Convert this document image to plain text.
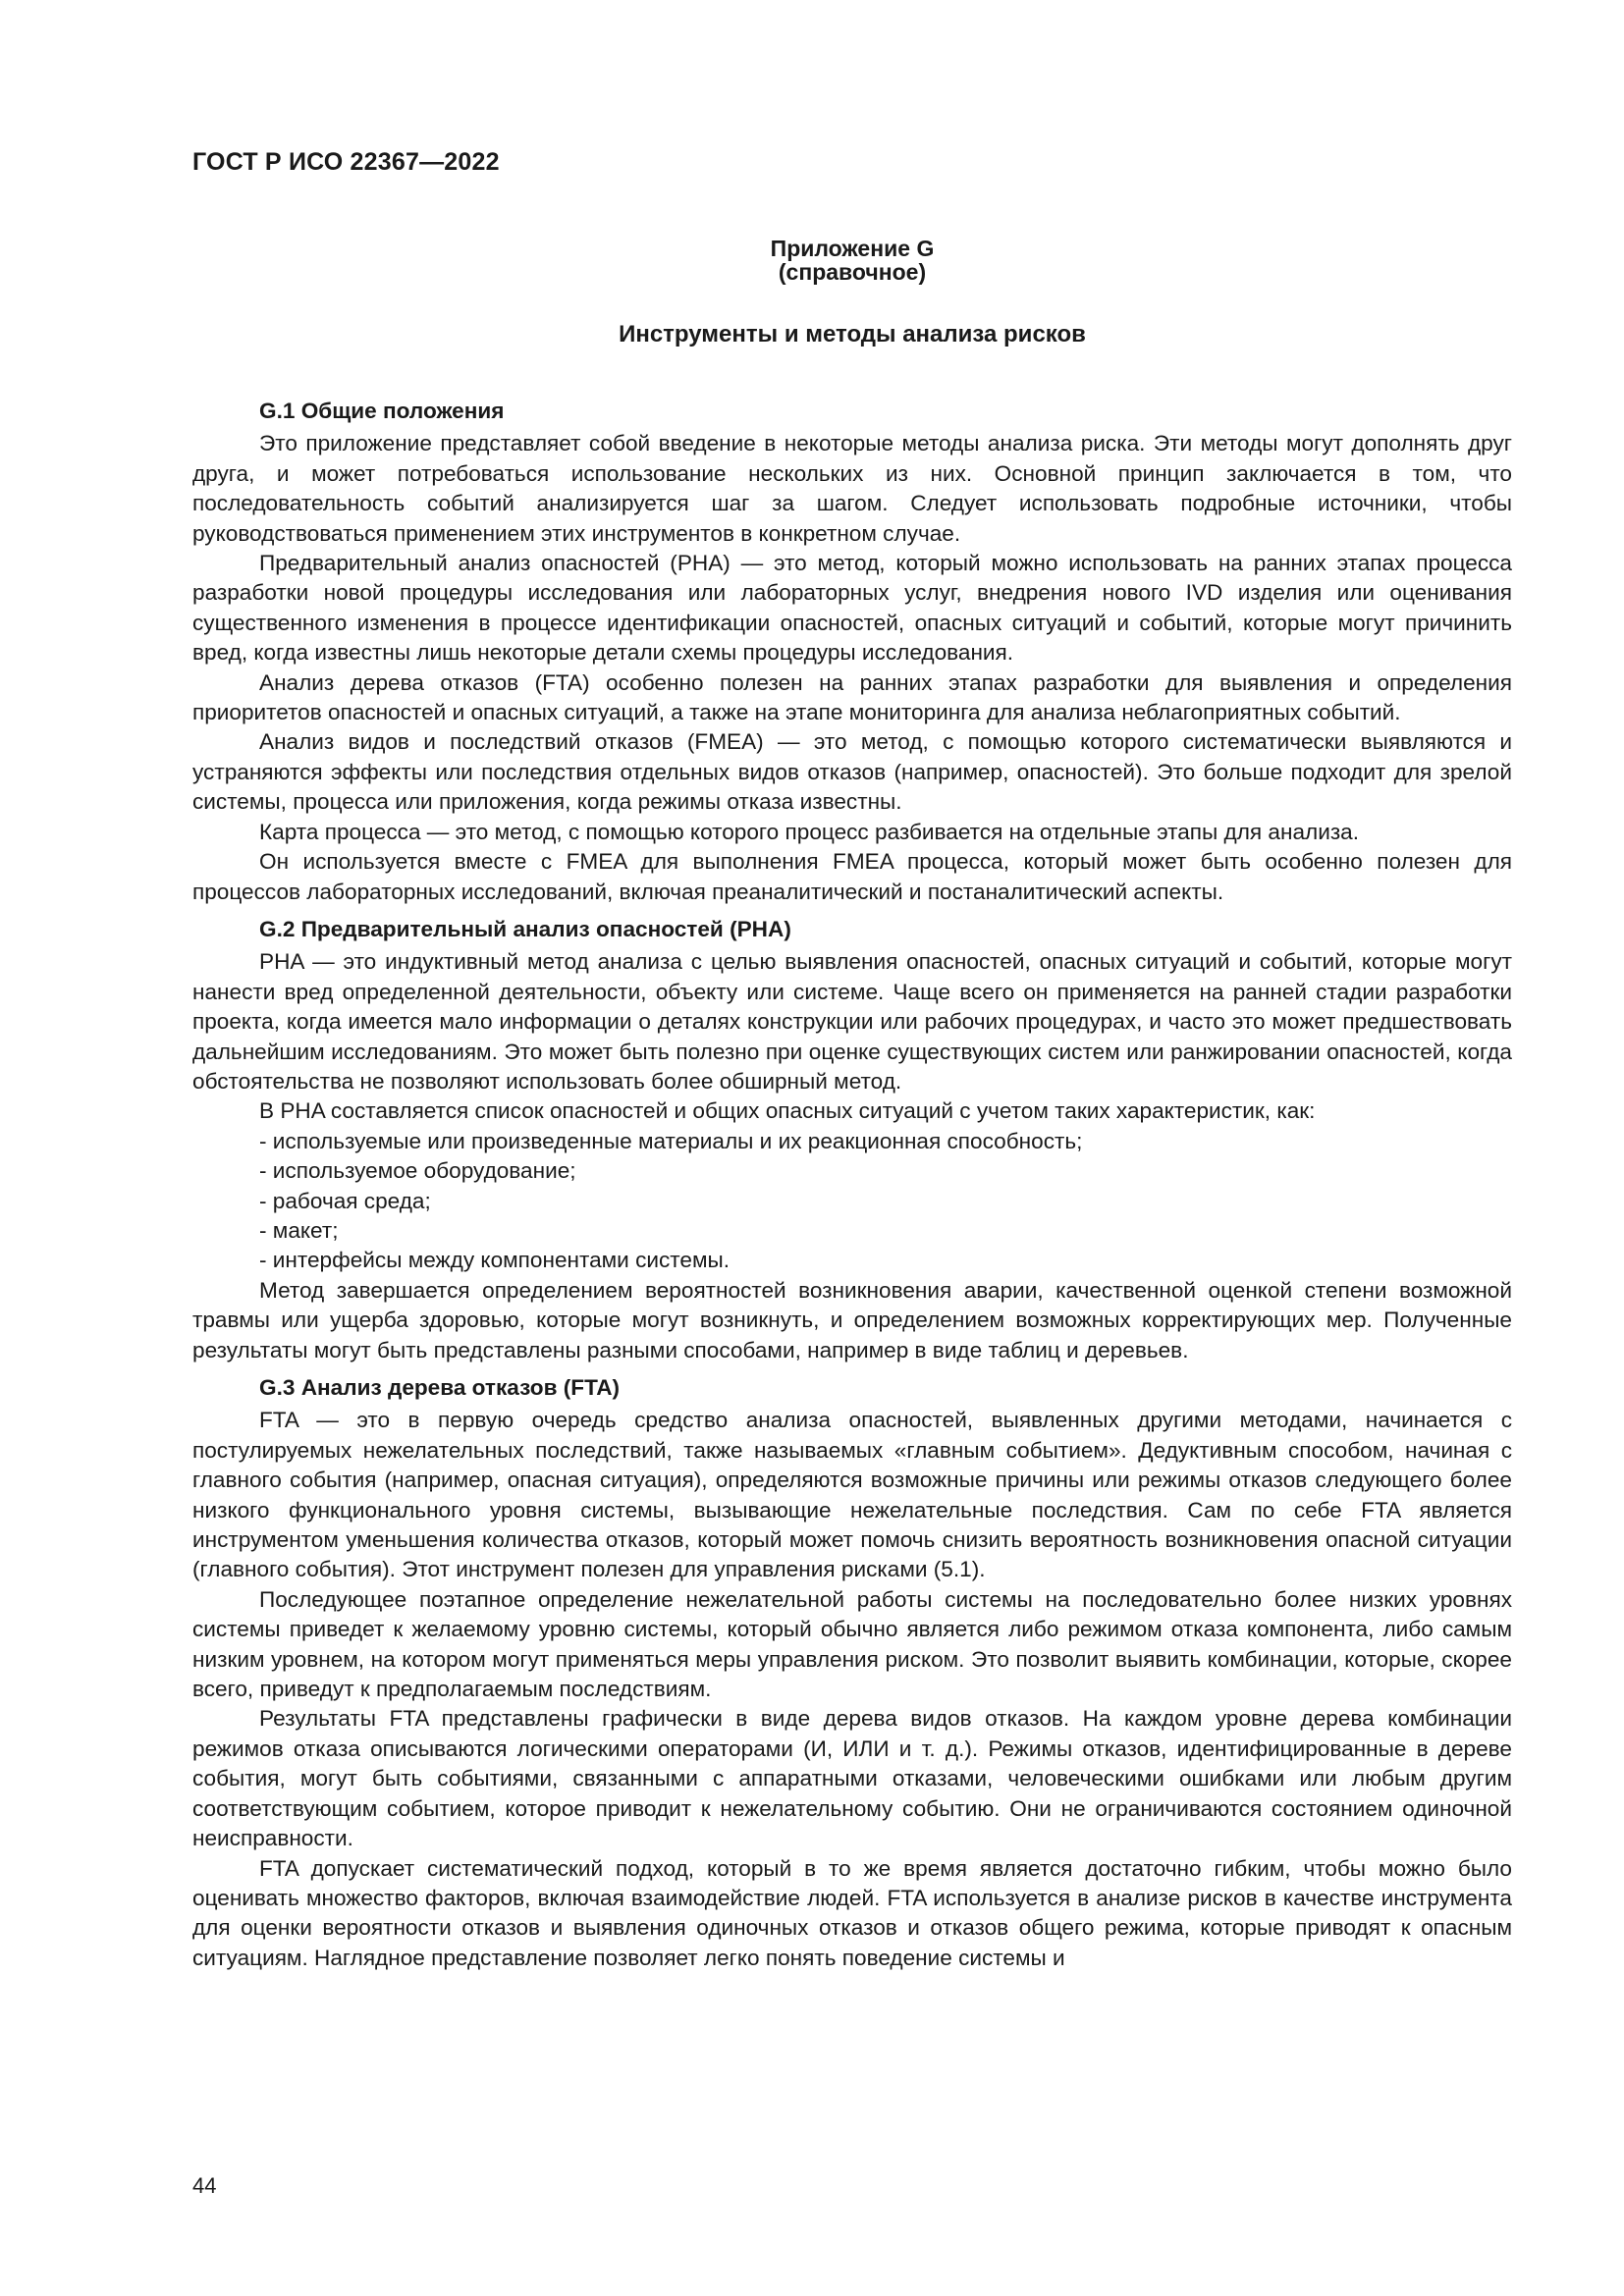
ГОСТ Р ИСО 22367—2022
Приложение G
(справочное)
Инструменты и методы анализа рисков
G.1 Общие положения

Это приложение представляет собой введение в некоторые методы анализа риска. Эти методы могут дополнять друг друга, и может потребоваться использование нескольких из них. Основной принцип заключается в том, что последовательность событий анализируется шаг за шагом. Следует использовать подробные источники, чтобы руководствоваться применением этих инструментов в конкретном случае.

Предварительный анализ опасностей (PHA) — это метод, который можно использовать на ранних этапах процесса разработки новой процедуры исследования или лабораторных услуг, внедрения нового IVD изделия или оценивания существенного изменения в процессе идентификации опасностей, опасных ситуаций и событий, которые могут причинить вред, когда известны лишь некоторые детали схемы процедуры исследования.

Анализ дерева отказов (FTA) особенно полезен на ранних этапах разработки для выявления и определения приоритетов опасностей и опасных ситуаций, а также на этапе мониторинга для анализа неблагоприятных событий.

Анализ видов и последствий отказов (FMEA) — это метод, с помощью которого систематически выявляются и устраняются эффекты или последствия отдельных видов отказов (например, опасностей). Это больше подходит для зрелой системы, процесса или приложения, когда режимы отказа известны.

Карта процесса — это метод, с помощью которого процесс разбивается на отдельные этапы для анализа.

Он используется вместе с FMEA для выполнения FMEA процесса, который может быть особенно полезен для процессов лабораторных исследований, включая преаналитический и постаналитический аспекты.

G.2 Предварительный анализ опасностей (PHA)

PHA — это индуктивный метод анализа с целью выявления опасностей, опасных ситуаций и событий, которые могут нанести вред определенной деятельности, объекту или системе. Чаще всего он применяется на ранней стадии разработки проекта, когда имеется мало информации о деталях конструкции или рабочих процедурах, и часто это может предшествовать дальнейшим исследованиям. Это может быть полезно при оценке существующих систем или ранжировании опасностей, когда обстоятельства не позволяют использовать более обширный метод.

В PHA составляется список опасностей и общих опасных ситуаций с учетом таких характеристик, как:

- используемые или произведенные материалы и их реакционная способность;
- используемое оборудование;
- рабочая среда;
- макет;
- интерфейсы между компонентами системы.

Метод завершается определением вероятностей возникновения аварии, качественной оценкой степени возможной травмы или ущерба здоровью, которые могут возникнуть, и определением возможных корректирующих мер. Полученные результаты могут быть представлены разными способами, например в виде таблиц и деревьев.

G.3 Анализ дерева отказов (FTA)

FTA — это в первую очередь средство анализа опасностей, выявленных другими методами, начинается с постулируемых нежелательных последствий, также называемых «главным событием». Дедуктивным способом, начиная с главного события (например, опасная ситуация), определяются возможные причины или режимы отказов следующего более низкого функционального уровня системы, вызывающие нежелательные последствия. Сам по себе FTA является инструментом уменьшения количества отказов, который может помочь снизить вероятность возникновения опасной ситуации (главного события). Этот инструмент полезен для управления рисками (5.1).

Последующее поэтапное определение нежелательной работы системы на последовательно более низких уровнях системы приведет к желаемому уровню системы, который обычно является либо режимом отказа компонента, либо самым низким уровнем, на котором могут применяться меры управления риском. Это позволит выявить комбинации, которые, скорее всего, приведут к предполагаемым последствиям.

Результаты FTA представлены графически в виде дерева видов отказов. На каждом уровне дерева комбинации режимов отказа описываются логическими операторами (И, ИЛИ и т. д.). Режимы отказов, идентифицированные в дереве события, могут быть событиями, связанными с аппаратными отказами, человеческими ошибками или любым другим соответствующим событием, которое приводит к нежелательному событию. Они не ограничиваются состоянием одиночной неисправности.

FTA допускает систематический подход, который в то же время является достаточно гибким, чтобы можно было оценивать множество факторов, включая взаимодействие людей. FTA используется в анализе рисков в качестве инструмента для оценки вероятности отказов и выявления одиночных отказов и отказов общего режима, которые приводят к опасным ситуациям. Наглядное представление позволяет легко понять поведение системы и

44
